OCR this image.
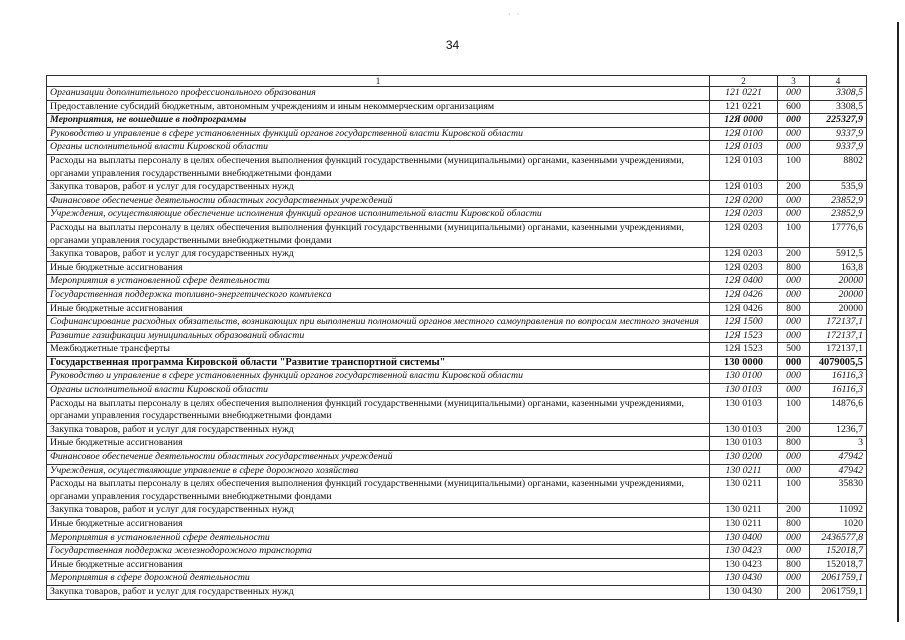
· ·
34
1	2	3	4
Организации дополнительного профессионального образования	121 0221	000	3308,5
Предоставление субсидий бюджетным, автономным учреждениям и иным некоммерческим организациям	121 0221	600	3308,5
Мероприятия, не вошедшие в подпрограммы	12Я 0000	000	225327,9
Руководство и управление в сфере установленных функций органов государственной власти Кировской области	12Я 0100	000	9337,9
Органы исполнительной власти Кировской области	12Я 0103	000	9337,9
Расходы на выплаты персоналу в целях обеспечения выполнения функций государственными (муниципальными) органами, казенными учреждениями, органами управления государственными внебюджетными фондами	12Я 0103	100	8802
Закупка товаров, работ и услуг для государственных нужд	12Я 0103	200	535,9
Финансовое обеспечение деятельности областных государственных учреждений	12Я 0200	000	23852,9
Учреждения, осуществляющие обеспечение исполнения функций органов исполнительной власти Кировской области	12Я 0203	000	23852,9
Расходы на выплаты персоналу в целях обеспечения выполнения функций государственными (муниципальными) органами, казенными учреждениями, органами управления государственными внебюджетными фондами	12Я 0203	100	17776,6
Закупка товаров, работ и услуг для государственных нужд	12Я 0203	200	5912,5
Иные бюджетные ассигнования	12Я 0203	800	163,8
Мероприятия в установленной сфере деятельности	12Я 0400	000	20000
Государственная поддержка топливно-энергетического комплекса	12Я 0426	000	20000
Иные бюджетные ассигнования	12Я 0426	800	20000
Софинансирование расходных обязательств, возникающих при выполнении полномочий органов местного самоуправления по вопросам местного значения	12Я 1500	000	172137,1
Развитие газификации муниципальных образований области	12Я 1523	000	172137,1
Межбюджетные трансферты	12Я 1523	500	172137,1
Государственная программа Кировской области "Развитие транспортной системы"	130 0000	000	4079005,5
Руководство и управление в сфере установленных функций органов государственной власти Кировской области	130 0100	000	16116,3
Органы исполнительной власти Кировской области	130 0103	000	16116,3
Расходы на выплаты персоналу в целях обеспечения выполнения функций государственными (муниципальными) органами, казенными учреждениями, органами управления государственными внебюджетными фондами	130 0103	100	14876,6
Закупка товаров, работ и услуг для государственных нужд	130 0103	200	1236,7
Иные бюджетные ассигнования	130 0103	800	3
Финансовое обеспечение деятельности областных государственных учреждений	130 0200	000	47942
Учреждения, осуществляющие управление в сфере дорожного хозяйства	130 0211	000	47942
Расходы на выплаты персоналу в целях обеспечения выполнения функций государственными (муниципальными) органами, казенными учреждениями, органами управления государственными внебюджетными фондами	130 0211	100	35830
Закупка товаров, работ и услуг для государственных нужд	130 0211	200	11092
Иные бюджетные ассигнования	130 0211	800	1020
Мероприятия в установленной сфере деятельности	130 0400	000	2436577,8
Государственная поддержка железнодорожного транспорта	130 0423	000	152018,7
Иные бюджетные ассигнования	130 0423	800	152018,7
Мероприятия в сфере дорожной деятельности	130 0430	000	2061759,1
Закупка товаров, работ и услуг для государственных нужд	130 0430	200	2061759,1
